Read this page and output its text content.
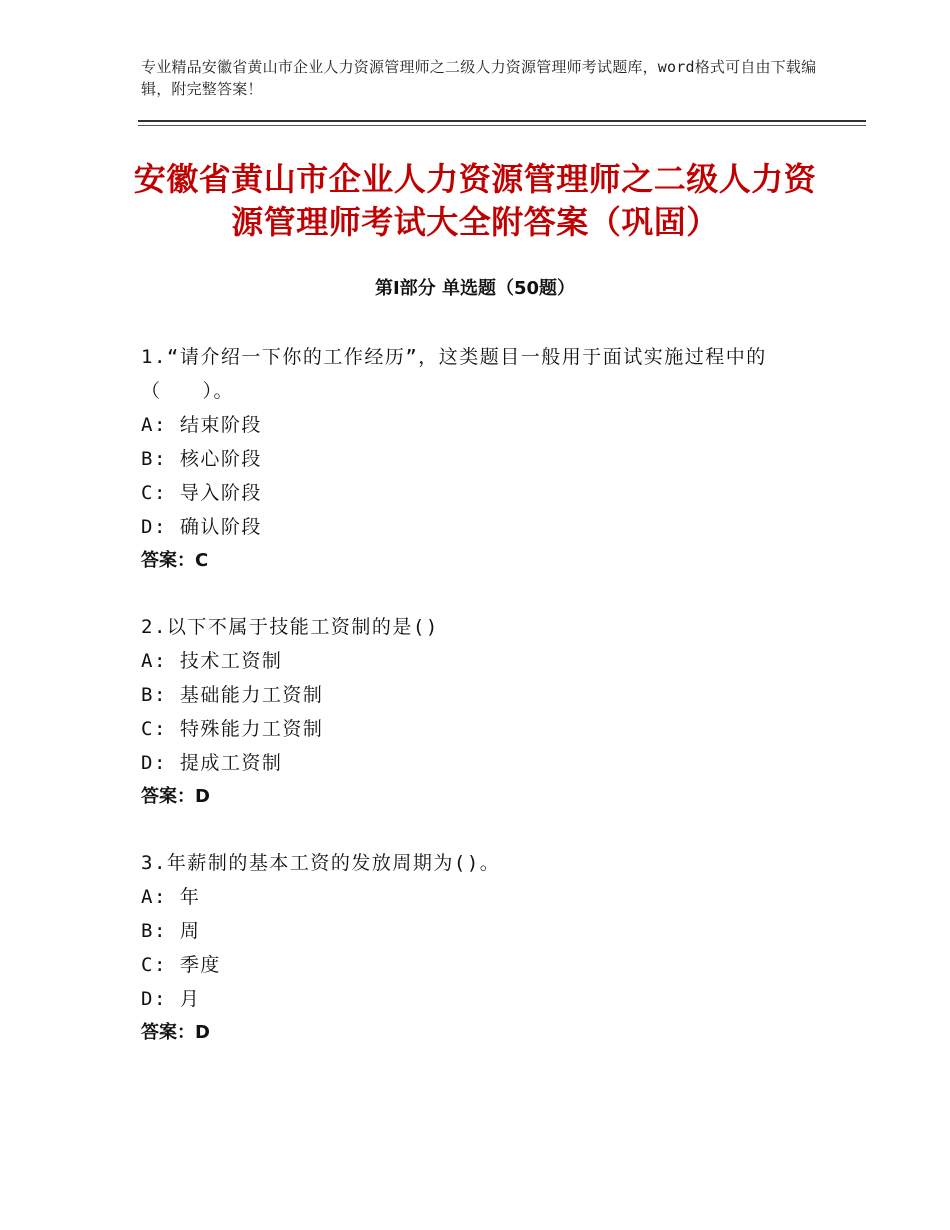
专业精品安徽省黄山市企业人力资源管理师之二级人力资源管理师考试题库，word格式可自由下载编辑，附完整答案！
安徽省黄山市企业人力资源管理师之二级人力资源管理师考试大全附答案（巩固）
第Ⅰ部分 单选题（50题）
1.“请介绍一下你的工作经历”，这类题目一般用于面试实施过程中的（　　）。
A: 结束阶段
B: 核心阶段
C: 导入阶段
D: 确认阶段
答案：C
2.以下不属于技能工资制的是()
A: 技术工资制
B: 基础能力工资制
C: 特殊能力工资制
D: 提成工资制
答案：D
3.年薪制的基本工资的发放周期为()。
A: 年
B: 周
C: 季度
D: 月
答案：D
